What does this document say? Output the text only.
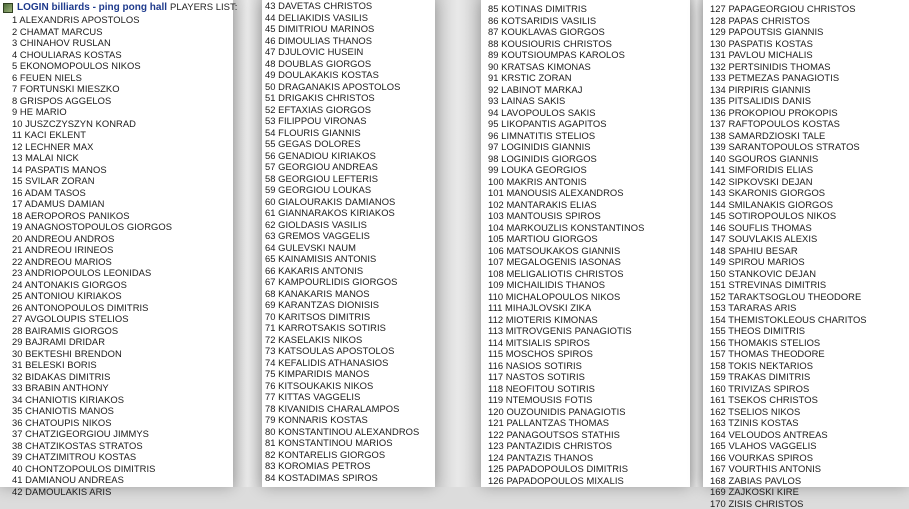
LOGIN billiards - ping pong hall PLAYERS LIST:
1 ALEXANDRIS APOSTOLOS
2 CHAMAT MARCUS
3 CHINAHOV RUSLAN
4 CHOULIARAS KOSTAS
5 EKONOMOPOULOS NIKOS
6 FEUEN NIELS
7 FORTUNSKI MIESZKO
8 GRISPOS AGGELOS
9 HE MARIO
10 JUSZCZYSZYN KONRAD
11 KACI EKLENT
12 LECHNER MAX
13 MALAI NICK
14 PASPATIS MANOS
15 SVILAR ZORAN
16 ADAM TASOS
17 ADAMUS DAMIAN
18 AEROPOROS PANIKOS
19 ANAGNOSTOPOULOS GIORGOS
20 ANDREOU ANDROS
21 ANDREOU IRINEOS
22 ANDREOU MARIOS
23 ANDRIOPOULOS LEONIDAS
24 ANTONAKIS GIORGOS
25 ANTONIOU KIRIAKOS
26 ANTONOPOULOS DIMITRIS
27 AVGOLOUPIS STELIOS
28 BAIRAMIS GIORGOS
29 BAJRAMI DRIDAR
30 BEKTESHI BRENDON
31 BELESKI BORIS
32 BIDAKAS DIMITRIS
33 BRABIN ANTHONY
34 CHANIOTIS KIRIAKOS
35 CHANIOTIS MANOS
36 CHATOUPIS NIKOS
37 CHATZIGEORGIOU JIMMYS
38 CHATZIKOSTAS STRATOS
39 CHATZIMITROU KOSTAS
40 CHONTZOPOULOS DIMITRIS
41 DAMIANOU ANDREAS
42 DAMOULAKIS ARIS
43 DAVETAS CHRISTOS
44 DELIAKIDIS VASILIS
45 DIMITRIOU MARINOS
46 DIMOULIAS THANOS
47 DJULOVIC HUSEIN
48 DOUBLAS GIORGOS
49 DOULAKAKIS KOSTAS
50 DRAGANAKIS APOSTOLOS
51 DRIGAKIS CHRISTOS
52 EFTAXIAS GIORGOS
53 FILIPPOU VIRONAS
54 FLOURIS GIANNIS
55 GEGAS DOLORES
56 GENADIOU KIRIAKOS
57 GEORGIOU ANDREAS
58 GEORGIOU LEFTERIS
59 GEORGIOU LOUKAS
60 GIALOURAKIS DAMIANOS
61 GIANNARAKOS KIRIAKOS
62 GIOLDASIS VASILIS
63 GREMOS VAGGELIS
64 GULEVSKI NAUM
65 KAINAMISIS ANTONIS
66 KAKARIS ANTONIS
67 KAMPOURLIDIS GIORGOS
68 KANAKARIS MANOS
69 KARANTZAS DIONISIS
70 KARITSOS DIMITRIS
71 KARROTSAKIS SOTIRIS
72 KASELAKIS NIKOS
73 KATSOULAS APOSTOLOS
74 KEFALIDIS ATHANASIOS
75 KIMPARIDIS MANOS
76 KITSOUKAKIS NIKOS
77 KITTAS VAGGELIS
78 KIVANIDIS CHARALAMPOS
79 KONNARIS KOSTAS
80 KONSTANTINOU ALEXANDROS
81 KONSTANTINOU MARIOS
82 KONTARELIS GIORGOS
83 KOROMIAS PETROS
84 KOSTADIMAS SPIROS
85 KOTINAS DIMITRIS
86 KOTSARIDIS VASILIS
87 KOUKLAVAS GIORGOS
88 KOUSIOURIS CHRISTOS
89 KOUTSIOUMPAS KAROLOS
90 KRATSAS KIMONAS
91 KRSTIC ZORAN
92 LABINOT MARKAJ
93 LAINAS SAKIS
94 LAVOPOULOS SAKIS
95 LIKOPANTIS AGAPITOS
96 LIMNATITIS STELIOS
97 LOGINIDIS GIANNIS
98 LOGINIDIS GIORGOS
99 LOUKA GEORGIOS
100 MAKRIS ANTONIS
101 MANOUSIS ALEXANDROS
102 MANTARAKIS ELIAS
103 MANTOUSIS SPIROS
104 MARKOUZLIS KONSTANTINOS
105 MARTIOU GIORGOS
106 MATSOUKAKOS GIANNIS
107 MEGALOGENIS IASONAS
108 MELIGALIOTIS CHRISTOS
109 MICHAILIDIS THANOS
110 MICHALOPOULOS NIKOS
111 MIHAJLOVSKI ZIKA
112 MIOTERIS KIMONAS
113 MITROVGENIS PANAGIOTIS
114 MITSIALIS SPIROS
115 MOSCHOS SPIROS
116 NASIOS SOTIRIS
117 NASTOS SOTIRIS
118 NEOFITOU SOTIRIS
119 NTEMOUSIS FOTIS
120 OUZOUNIDIS PANAGIOTIS
121 PALLANTZAS THOMAS
122 PANAGOUTSOS STATHIS
123 PANTAZIDIS CHRISTOS
124 PANTAZIS THANOS
125 PAPADOPOULOS DIMITRIS
126 PAPADOPOULOS MIXALIS
127 PAPAGEORGIOU CHRISTOS
128 PAPAS CHRISTOS
129 PAPOUTSIS GIANNIS
130 PASPATIS KOSTAS
131 PAVLOU MICHALIS
132 PERTSINIDIS THOMAS
133 PETMEZAS PANAGIOTIS
134 PIRPIRIS GIANNIS
135 PITSALIDIS DANIS
136 PROKOPIOU PROKOPIS
137 RAFTOPOULOS KOSTAS
138 SAMARDZIOSKI TALE
139 SARANTOPOULOS STRATOS
140 SGOUROS GIANNIS
141 SIMFORIDIS ELIAS
142 SIPKOVSKI DEJAN
143 SKARONIS GIORGOS
144 SMILANAKIS GIORGOS
145 SOTIROPOULOS NIKOS
146 SOUFLIS THOMAS
147 SOUVLAKIS ALEXIS
148 SPAHIU BESAR
149 SPIROU MARIOS
150 STANKOVIC DEJAN
151 STREVINAS DIMITRIS
152 TARAKTSOGLOU THEODORE
153 TARARAS ARIS
154 THEMISTOKLEOUS CHARITOS
155 THEOS DIMITRIS
156 THOMAKIS STELIOS
157 THOMAS THEODORE
158 TOKIS NEKTARIOS
159 TRAKAS DIMITRIS
160 TRIVIZAS SPIROS
161 TSEKOS CHRISTOS
162 TSELIOS NIKOS
163 TZINIS KOSTAS
164 VELOUDOS ANTREAS
165 VLAHOS VAGGELIS
166 VOURKAS SPIROS
167 VOURTHIS ANTONIS
168 ZABIAS PAVLOS
169 ZAJKOSKI KIRE
170 ZISIS CHRISTOS
